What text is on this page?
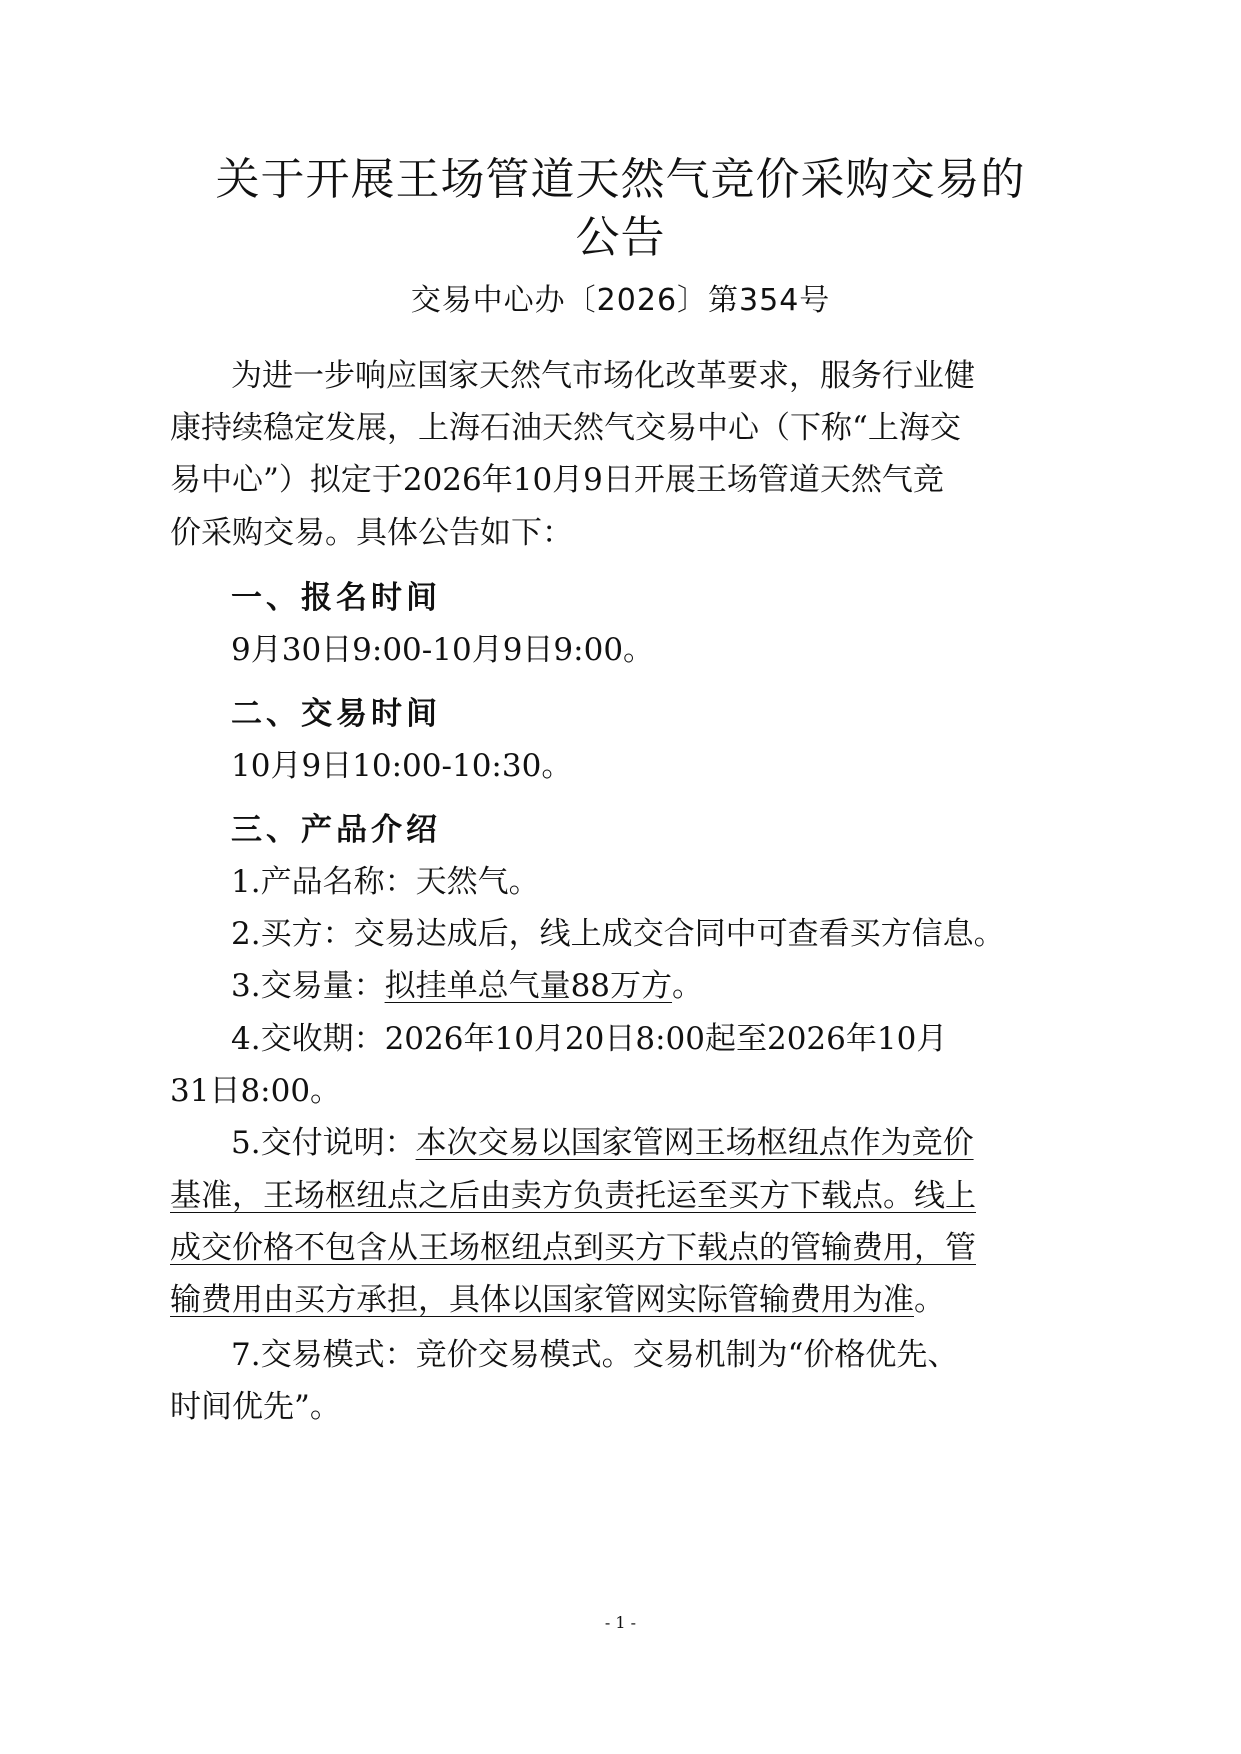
关于开展王场管道天然气竞价采购交易的
公告
交易中心办〔2026〕第354号

为进一步响应国家天然气市场化改革要求，服务行业健

康持续稳定发展，上海石油天然气交易中心（下称“上海交

易中心”）拟定于2026年10月9日开展王场管道天然气竞

价采购交易。具体公告如下：

一、报名时间

9月30日9:00-10月9日9:00。

二、交易时间

10月9日10:00-10:30。

三、产品介绍

1.产品名称：天然气。

2.买方：交易达成后，线上成交合同中可查看买方信息。

3.交易量：拟挂单总气量88万方。

4.交收期：2026年10月20日8:00起至2026年10月

31日8:00。

5.交付说明：本次交易以国家管网王场枢纽点作为竞价

基准，王场枢纽点之后由卖方负责托运至买方下载点。线上

成交价格不包含从王场枢纽点到买方下载点的管输费用，管

输费用由买方承担，具体以国家管网实际管输费用为准。

7.交易模式：竞价交易模式。交易机制为“价格优先、

时间优先”。

- 1 -
